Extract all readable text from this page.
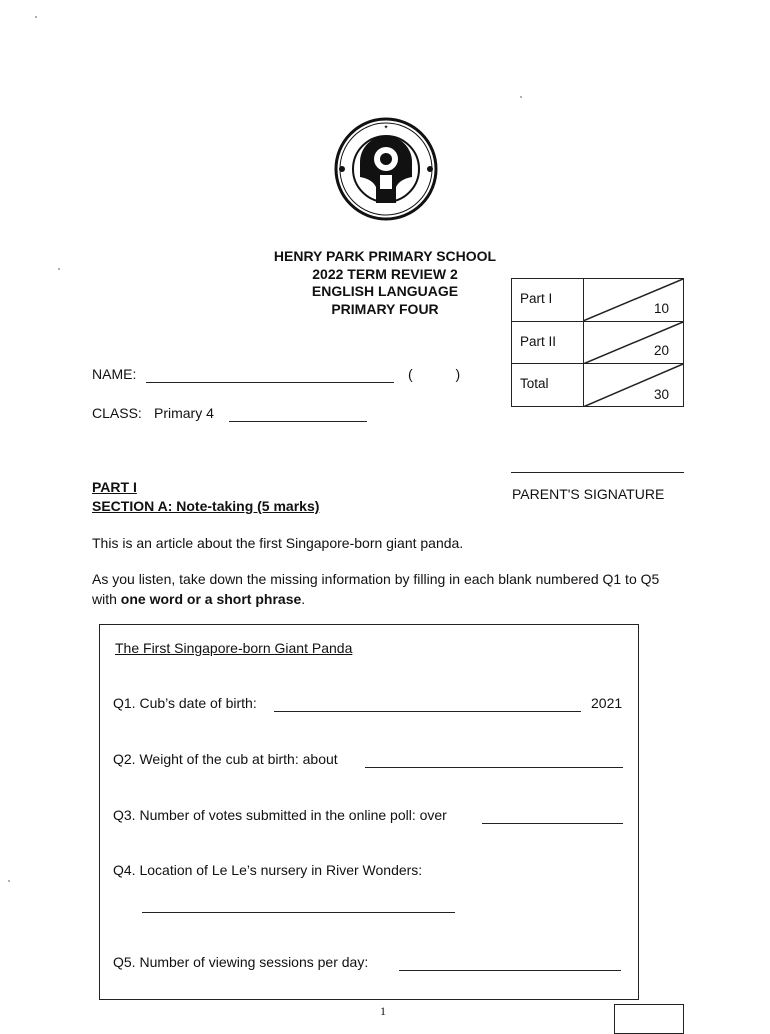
✦
HENRY PARK PRIMARY SCHOOL
2022 TERM REVIEW 2
ENGLISH LANGUAGE
PRIMARY FOUR
Part I
10
Part II
20
Total
30
NAME:	(           )
CLASS: Primary 4
PARENT'S SIGNATURE
PART I
SECTION A: Note-taking (5 marks)
This is an article about the first Singapore-born giant panda.
As you listen, take down the missing information by filling in each blank numbered Q1 to Q5 with one word or a short phrase.
The First Singapore-born Giant Panda
Q1. Cub’s date of birth:	2021
Q2. Weight of the cub at birth: about
Q3. Number of votes submitted in the online poll: over
Q4. Location of Le Le’s nursery in River Wonders:
Q5. Number of viewing sessions per day:
1
